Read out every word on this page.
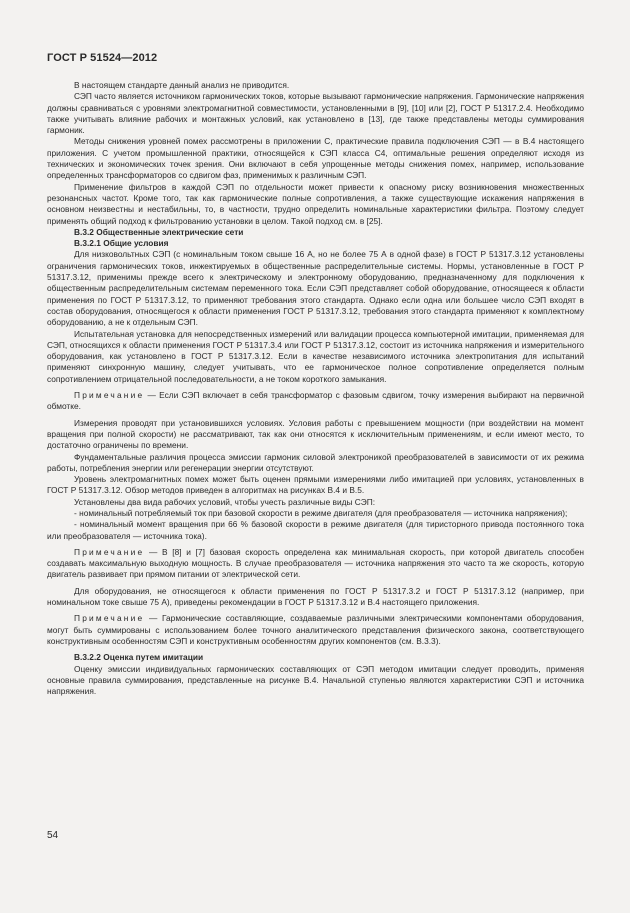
ГОСТ Р 51524—2012

В настоящем стандарте данный анализ не приводится.

СЭП часто является источником гармонических токов, которые вызывают гармонические напряжения. Гармонические напряжения должны сравниваться с уровнями электромагнитной совместимости, установленными в [9], [10] или [2], ГОСТ Р 51317.2.4. Необходимо также учитывать влияние рабочих и монтажных условий, как установлено в [13], где также представлены методы суммирования гармоник.

Методы снижения уровней помех рассмотрены в приложении С, практические правила подключения СЭП — в В.4 настоящего приложения. С учетом промышленной практики, относящейся к СЭП класса С4, оптимальные решения определяют исходя из технических и экономических точек зрения. Они включают в себя упрощенные методы снижения помех, например, использование определенных трансформаторов со сдвигом фаз, применимых к различным СЭП.

Применение фильтров в каждой СЭП по отдельности может привести к опасному риску возникновения множественных резонансных частот. Кроме того, так как гармонические полные сопротивления, а также существующие искажения напряжения в основном неизвестны и нестабильны, то, в частности, трудно определить номинальные характеристики фильтра. Поэтому следует применять общий подход к фильтрованию установки в целом. Такой подход см. в [25].

В.3.2 Общественные электрические сети

В.3.2.1 Общие условия

Для низковольтных СЭП (с номинальным током свыше 16 А, но не более 75 А в одной фазе) в ГОСТ Р 51317.3.12 установлены ограничения гармонических токов, инжектируемых в общественные распределительные системы. Нормы, установленные в ГОСТ Р 51317.3.12, применимы прежде всего к электрическому и электронному оборудованию, предназначенному для подключения к общественным распределительным системам переменного тока. Если СЭП представляет собой оборудование, относящееся к области применения по ГОСТ Р 51317.3.12, то применяют требования этого стандарта. Однако если одна или большее число СЭП входят в состав оборудования, относящегося к области применения ГОСТ Р 51317.3.12, требования этого стандарта применяют к комплектному оборудованию, а не к отдельным СЭП.

Испытательная установка для непосредственных измерений или валидации процесса компьютерной имитации, применяемая для СЭП, относящихся к области применения ГОСТ Р 51317.3.4 или ГОСТ Р 51317.3.12, состоит из источника напряжения и измерительного оборудования, как установлено в ГОСТ Р 51317.3.12. Если в качестве независимого источника электропитания для испытаний применяют синхронную машину, следует учитывать, что ее гармоническое полное сопротивление определяется полным сопротивлением отрицательной последовательности, а не током короткого замыкания.

Примечание — Если СЭП включает в себя трансформатор с фазовым сдвигом, точку измерения выбирают на первичной обмотке.

Измерения проводят при установившихся условиях. Условия работы с превышением мощности (при воздействии на момент вращения при полной скорости) не рассматривают, так как они относятся к исключительным применениям, и если имеют место, то достаточно ограничены по времени.

Фундаментальные различия процесса эмиссии гармоник силовой электроникой преобразователей в зависимости от их режима работы, потребления энергии или регенерации энергии отсутствуют.

Уровень электромагнитных помех может быть оценен прямыми измерениями либо имитацией при условиях, установленных в ГОСТ Р 51317.3.12. Обзор методов приведен в алгоритмах на рисунках В.4 и В.5.

Установлены два вида рабочих условий, чтобы учесть различные виды СЭП:

- номинальный потребляемый ток при базовой скорости в режиме двигателя (для преобразователя — источника напряжения);

- номинальный момент вращения при 66 % базовой скорости в режиме двигателя (для тиристорного привода постоянного тока или преобразователя — источника тока).

Примечание — В [8] и [7] базовая скорость определена как минимальная скорость, при которой двигатель способен создавать максимальную выходную мощность. В случае преобразователя — источника напряжения это часто та же скорость, которую двигатель развивает при прямом питании от электрической сети.

Для оборудования, не относящегося к области применения по ГОСТ Р 51317.3.2 и ГОСТ Р 51317.3.12 (например, при номинальном токе свыше 75 А), приведены рекомендации в ГОСТ Р 51317.3.12 и В.4 настоящего приложения.

Примечание — Гармонические составляющие, создаваемые различными электрическими компонентами оборудования, могут быть суммированы с использованием более точного аналитического представления физического закона, соответствующего конструктивным особенностям СЭП и конструктивным особенностям других компонентов (см. В.3.3).

В.3.2.2 Оценка путем имитации

Оценку эмиссии индивидуальных гармонических составляющих от СЭП методом имитации следует проводить, применяя основные правила суммирования, представленные на рисунке В.4. Начальной ступенью являются характеристики СЭП и источника напряжения.

54
